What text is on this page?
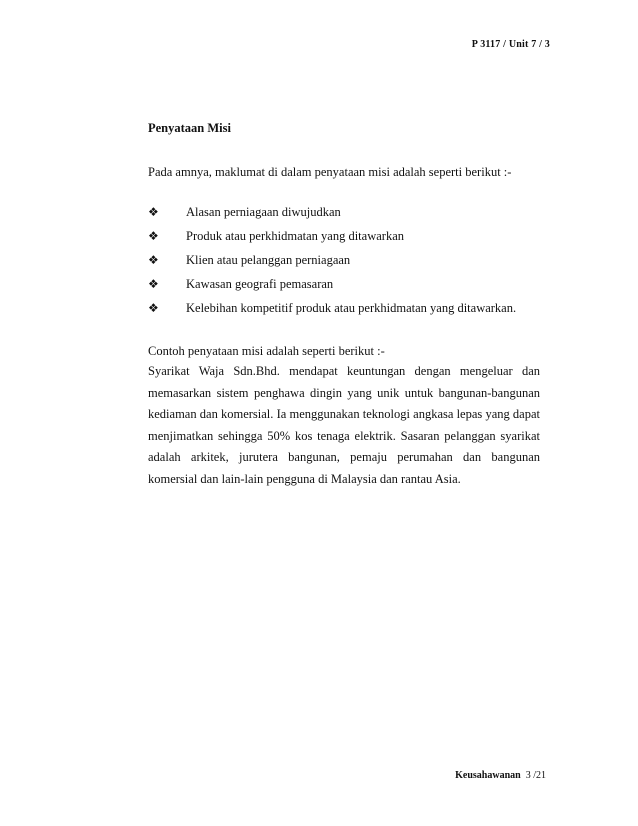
P 3117 / Unit 7 / 3
Penyataan Misi

Pada amnya, maklumat di dalam penyataan misi adalah seperti berikut :-

❖	Alasan perniagaan diwujudkan
❖	Produk atau perkhidmatan yang ditawarkan
❖	Klien atau pelanggan perniagaan
❖	Kawasan geografi pemasaran
❖	Kelebihan kompetitif produk atau perkhidmatan yang ditawarkan.

Contoh penyataan misi adalah seperti berikut :-

Syarikat Waja Sdn.Bhd. mendapat keuntungan dengan mengeluar dan memasarkan sistem penghawa dingin yang unik untuk bangunan-bangunan kediaman dan komersial. Ia menggunakan teknologi angkasa lepas yang dapat menjimatkan sehingga 50% kos tenaga elektrik. Sasaran pelanggan syarikat adalah arkitek, jurutera bangunan, pemaju perumahan dan bangunan komersial dan lain-lain pengguna di Malaysia dan rantau Asia.

Keusahawanan 3 /21
